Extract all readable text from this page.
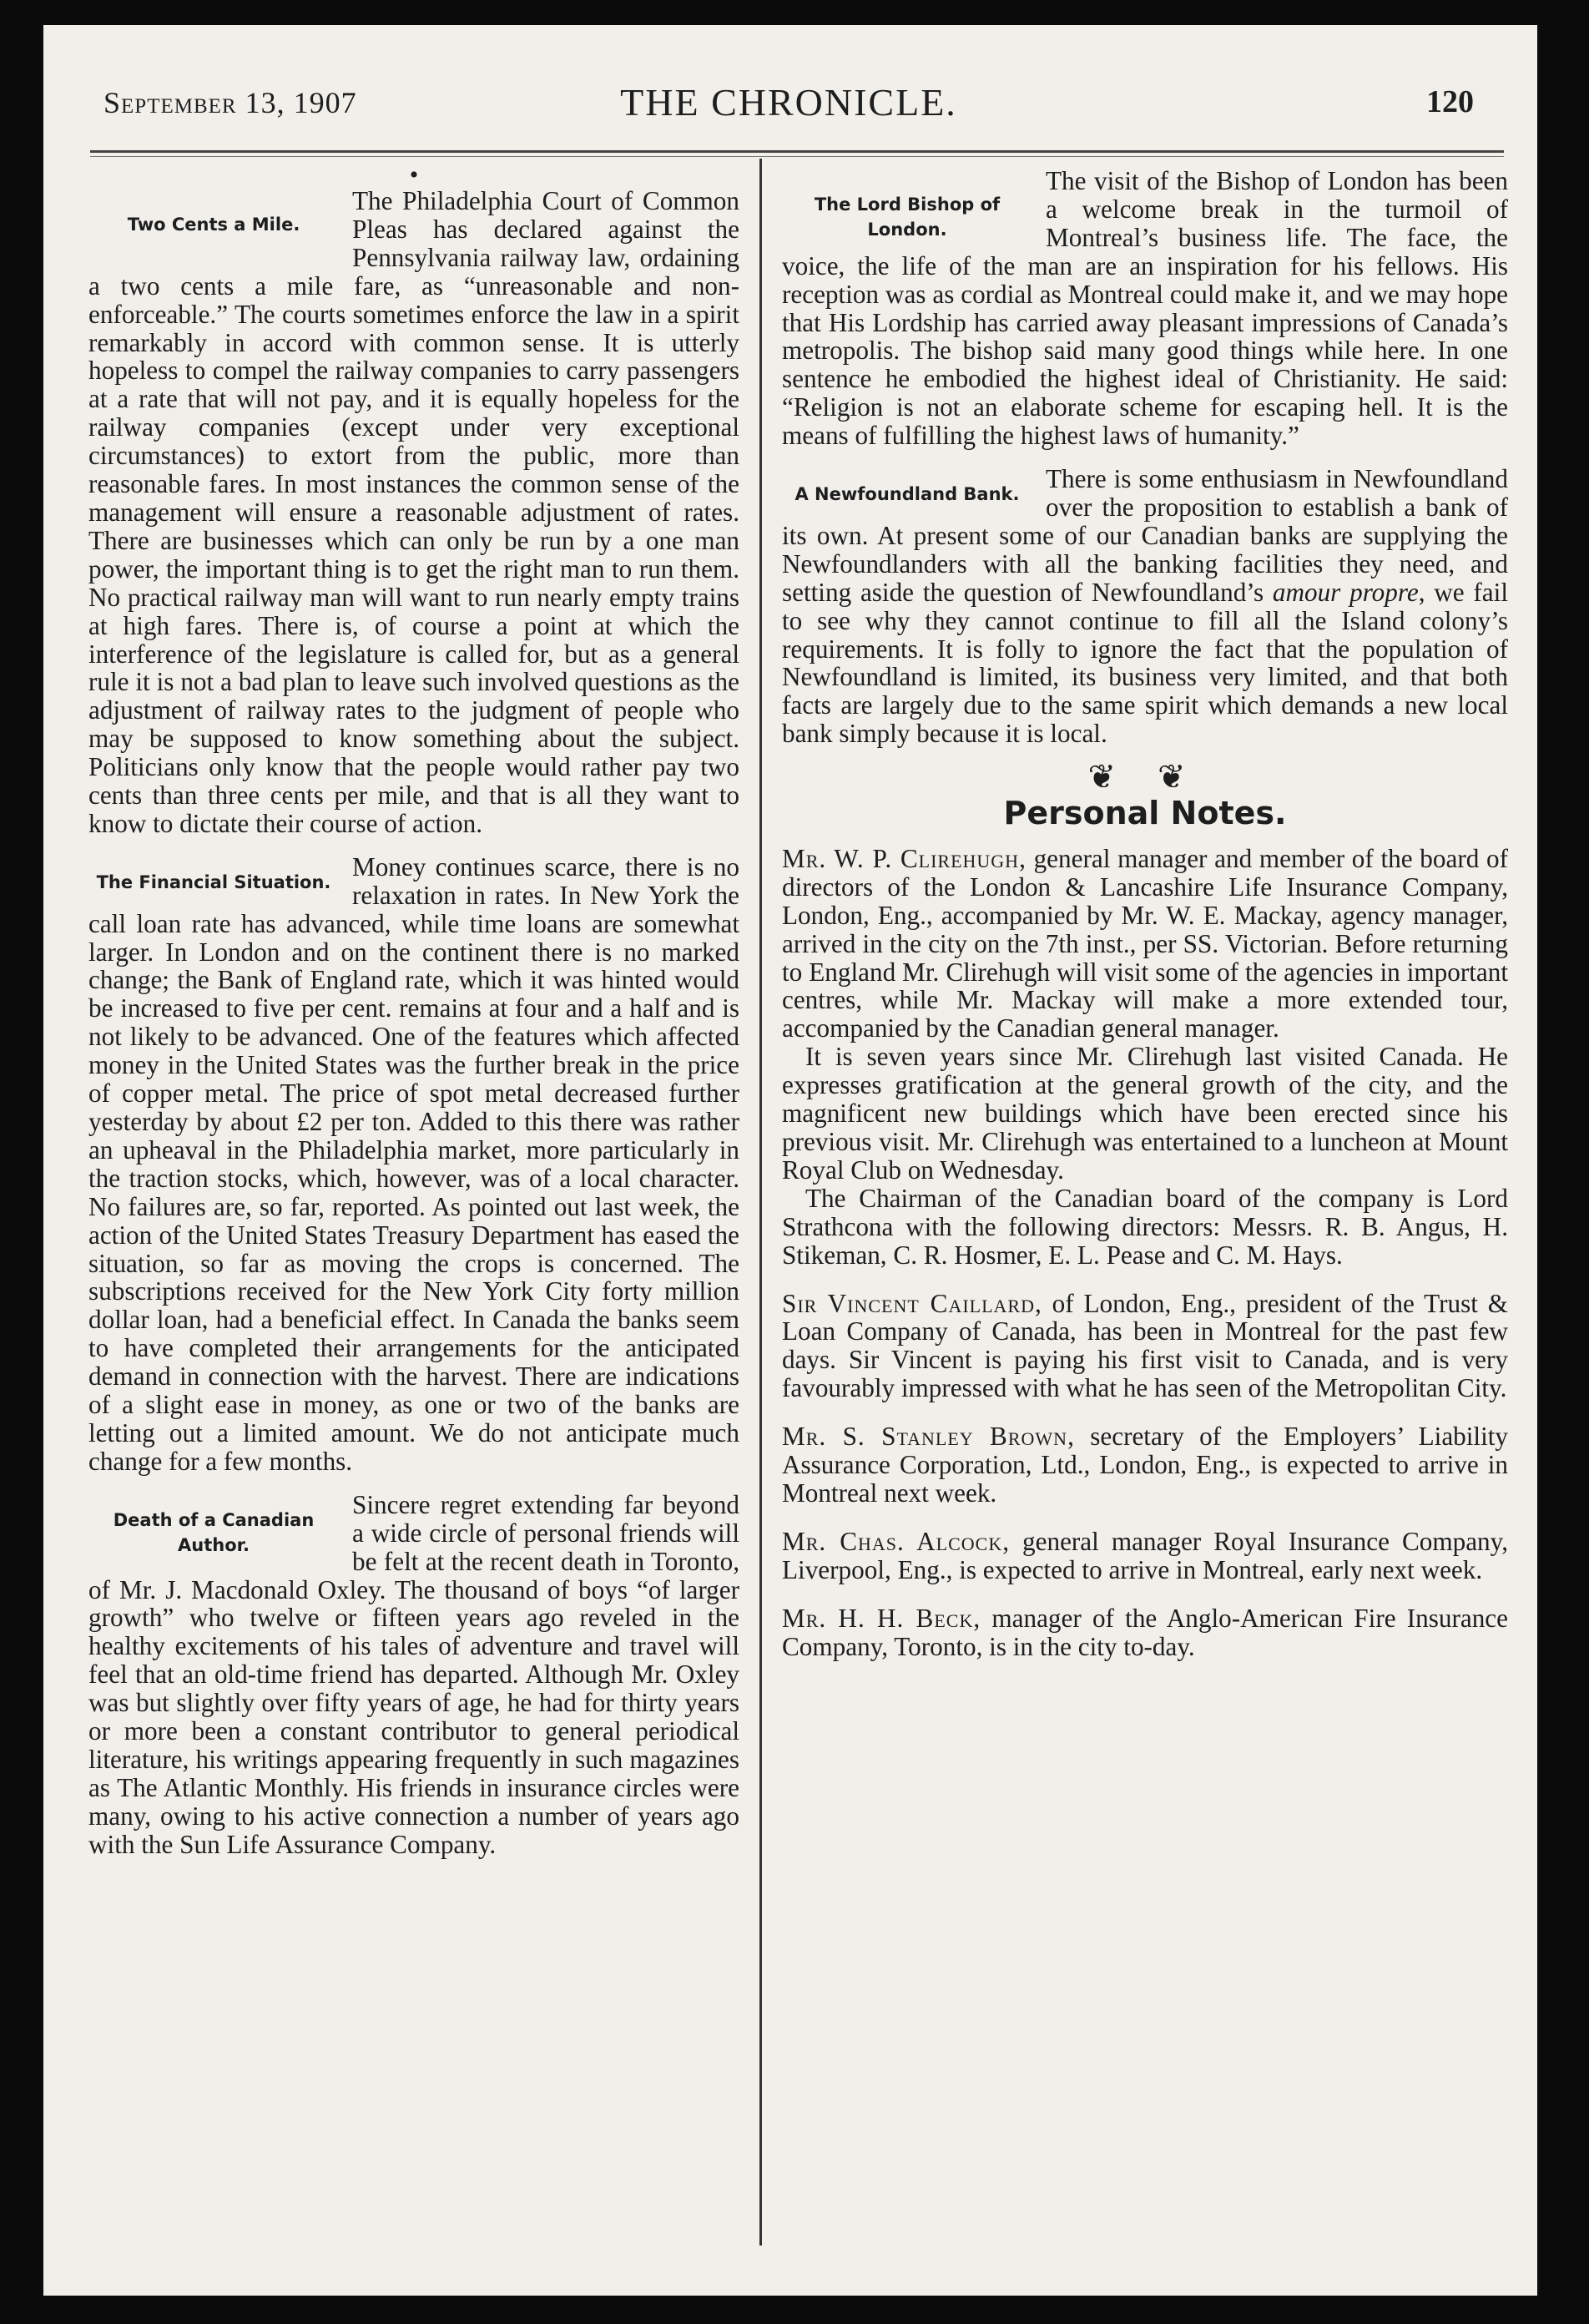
September 13, 1907	THE CHRONICLE.	120
•
Two Cents a Mile.

The Philadelphia Court of Common Pleas has declared against the Pennsylvania railway law, ordaining a two cents a mile fare, as “unreasonable and non-enforceable.” The courts sometimes enforce the law in a spirit remarkably in accord with common sense. It is utterly hopeless to compel the railway companies to carry passengers at a rate that will not pay, and it is equally hopeless for the railway companies (except under very exceptional circumstances) to extort from the public, more than reasonable fares. In most instances the common sense of the management will ensure a reasonable adjustment of rates. There are businesses which can only be run by a one man power, the important thing is to get the right man to run them. No practical railway man will want to run nearly empty trains at high fares. There is, of course a point at which the interference of the legislature is called for, but as a general rule it is not a bad plan to leave such involved questions as the adjustment of railway rates to the judgment of people who may be supposed to know something about the subject. Politicians only know that the people would rather pay two cents than three cents per mile, and that is all they want to know to dictate their course of action.

The Financial Situation.

Money continues scarce, there is no relaxation in rates. In New York the call loan rate has advanced, while time loans are somewhat larger. In London and on the continent there is no marked change; the Bank of England rate, which it was hinted would be increased to five per cent. remains at four and a half and is not likely to be advanced. One of the features which affected money in the United States was the further break in the price of copper metal. The price of spot metal decreased further yesterday by about £2 per ton. Added to this there was rather an upheaval in the Philadelphia market, more particularly in the traction stocks, which, however, was of a local character. No failures are, so far, reported. As pointed out last week, the action of the United States Treasury Department has eased the situation, so far as moving the crops is concerned. The subscriptions received for the New York City forty million dollar loan, had a beneficial effect. In Canada the banks seem to have completed their arrangements for the anticipated demand in connection with the harvest. There are indications of a slight ease in money, as one or two of the banks are letting out a limited amount. We do not anticipate much change for a few months.

Death of a Canadian Author.

Sincere regret extending far beyond a wide circle of personal friends will be felt at the recent death in Toronto, of Mr. J. Macdonald Oxley. The thousand of boys “of larger growth” who twelve or fifteen years ago reveled in the healthy excitements of his tales of adventure and travel will feel that an old-time friend has departed. Although Mr. Oxley was but slightly over fifty years of age, he had for thirty years or more been a constant contributor to general periodical literature, his writings appearing frequently in such magazines as The Atlantic Monthly. His friends in insurance circles were many, owing to his active connection a number of years ago with the Sun Life Assurance Company.

The Lord Bishop of London.

The visit of the Bishop of London has been a welcome break in the turmoil of Montreal’s business life. The face, the voice, the life of the man are an inspiration for his fellows. His reception was as cordial as Montreal could make it, and we may hope that His Lordship has carried away pleasant impressions of Canada’s metropolis. The bishop said many good things while here. In one sentence he embodied the highest ideal of Christianity. He said: “Religion is not an elaborate scheme for escaping hell. It is the means of fulfilling the highest laws of humanity.”

A Newfoundland Bank.

There is some enthusiasm in Newfoundland over the proposition to establish a bank of its own. At present some of our Canadian banks are supplying the Newfoundlanders with all the banking facilities they need, and setting aside the question of Newfoundland’s amour propre, we fail to see why they cannot continue to fill all the Island colony’s requirements. It is folly to ignore the fact that the population of Newfoundland is limited, its business very limited, and that both facts are largely due to the same spirit which demands a new local bank simply because it is local.

❦ ❦
Personal Notes.

Mr. W. P. Clirehugh, general manager and member of the board of directors of the London & Lancashire Life Insurance Company, London, Eng., accompanied by Mr. W. E. Mackay, agency manager, arrived in the city on the 7th inst., per SS. Victorian. Before returning to England Mr. Clirehugh will visit some of the agencies in important centres, while Mr. Mackay will make a more extended tour, accompanied by the Canadian general manager.

It is seven years since Mr. Clirehugh last visited Canada. He expresses gratification at the general growth of the city, and the magnificent new buildings which have been erected since his previous visit. Mr. Clirehugh was entertained to a luncheon at Mount Royal Club on Wednesday.

The Chairman of the Canadian board of the company is Lord Strathcona with the following directors: Messrs. R. B. Angus, H. Stikeman, C. R. Hosmer, E. L. Pease and C. M. Hays.

Sir Vincent Caillard, of London, Eng., president of the Trust & Loan Company of Canada, has been in Montreal for the past few days. Sir Vincent is paying his first visit to Canada, and is very favourably impressed with what he has seen of the Metropolitan City.

Mr. S. Stanley Brown, secretary of the Employers’ Liability Assurance Corporation, Ltd., London, Eng., is expected to arrive in Montreal next week.

Mr. Chas. Alcock, general manager Royal Insurance Company, Liverpool, Eng., is expected to arrive in Montreal, early next week.

Mr. H. H. Beck, manager of the Anglo-American Fire Insurance Company, Toronto, is in the city to-day.
